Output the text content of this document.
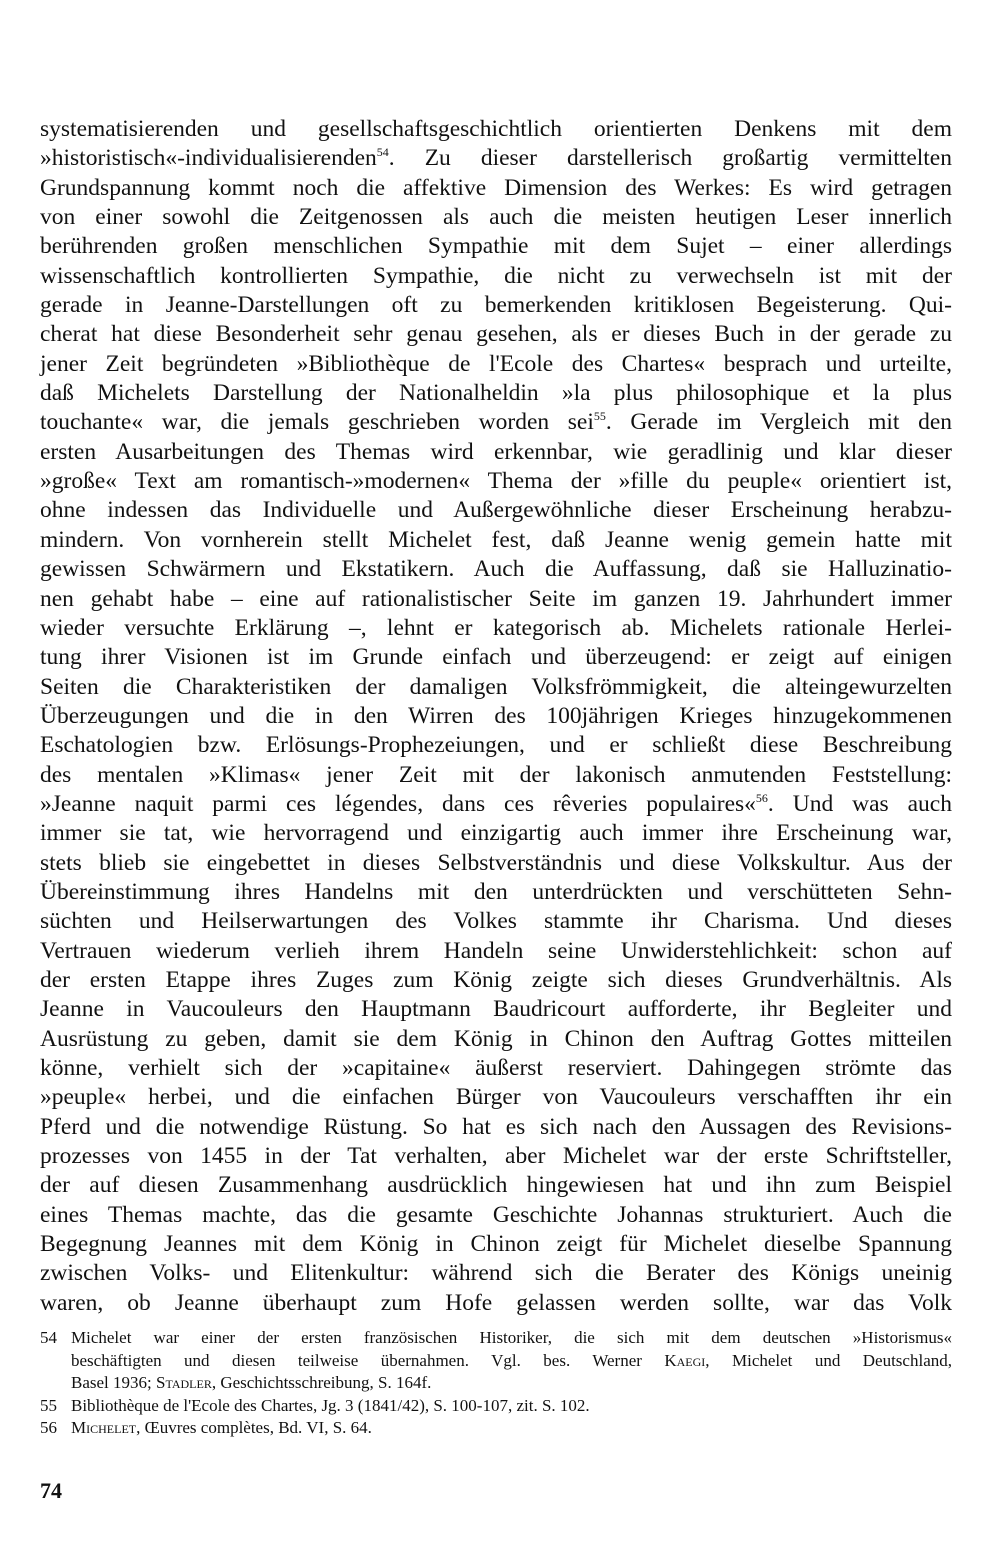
systematisierenden und gesellschaftsgeschichtlich orientierten Denkens mit dem
»historistisch«-individualisierenden$^{54}$. Zu dieser darstellerisch großartig vermittelten
Grundspannung kommt noch die affektive Dimension des Werkes: Es wird getragen
von einer sowohl die Zeitgenossen als auch die meisten heutigen Leser innerlich
berührenden großen menschlichen Sympathie mit dem Sujet – einer allerdings
wissenschaftlich kontrollierten Sympathie, die nicht zu verwechseln ist mit der
gerade in Jeanne-Darstellungen oft zu bemerkenden kritiklosen Begeisterung. Qui-
cherat hat diese Besonderheit sehr genau gesehen, als er dieses Buch in der gerade zu
jener Zeit begründeten »Bibliothèque de l'Ecole des Chartes« besprach und urteilte,
daß Michelets Darstellung der Nationalheldin »la plus philosophique et la plus
touchante« war, die jemals geschrieben worden sei$^{55}$. Gerade im Vergleich mit den
ersten Ausarbeitungen des Themas wird erkennbar, wie geradlinig und klar dieser
»große« Text am romantisch-»modernen« Thema der »fille du peuple« orientiert ist,
ohne indessen das Individuelle und Außergewöhnliche dieser Erscheinung herabzu-
mindern. Von vornherein stellt Michelet fest, daß Jeanne wenig gemein hatte mit
gewissen Schwärmern und Ekstatikern. Auch die Auffassung, daß sie Halluzinatio-
nen gehabt habe – eine auf rationalistischer Seite im ganzen 19. Jahrhundert immer
wieder versuchte Erklärung –, lehnt er kategorisch ab. Michelets rationale Herlei-
tung ihrer Visionen ist im Grunde einfach und überzeugend: er zeigt auf einigen
Seiten die Charakteristiken der damaligen Volksfrömmigkeit, die alteingewurzelten
Überzeugungen und die in den Wirren des 100jährigen Krieges hinzugekommenen
Eschatologien bzw. Erlösungs-Prophezeiungen, und er schließt diese Beschreibung
des mentalen »Klimas« jener Zeit mit der lakonisch anmutenden Feststellung:
»Jeanne naquit parmi ces légendes, dans ces rêveries populaires«$^{56}$. Und was auch
immer sie tat, wie hervorragend und einzigartig auch immer ihre Erscheinung war,
stets blieb sie eingebettet in dieses Selbstverständnis und diese Volkskultur. Aus der
Übereinstimmung ihres Handelns mit den unterdrückten und verschütteten Sehn-
süchten und Heilserwartungen des Volkes stammte ihr Charisma. Und dieses
Vertrauen wiederum verlieh ihrem Handeln seine Unwiderstehlichkeit: schon auf
der ersten Etappe ihres Zuges zum König zeigte sich dieses Grundverhältnis. Als
Jeanne in Vaucouleurs den Hauptmann Baudricourt aufforderte, ihr Begleiter und
Ausrüstung zu geben, damit sie dem König in Chinon den Auftrag Gottes mitteilen
könne, verhielt sich der »capitaine« äußerst reserviert. Dahingegen strömte das
»peuple« herbei, und die einfachen Bürger von Vaucouleurs verschafften ihr ein
Pferd und die notwendige Rüstung. So hat es sich nach den Aussagen des Revisions-
prozesses von 1455 in der Tat verhalten, aber Michelet war der erste Schriftsteller,
der auf diesen Zusammenhang ausdrücklich hingewiesen hat und ihn zum Beispiel
eines Themas machte, das die gesamte Geschichte Johannas strukturiert. Auch die
Begegnung Jeannes mit dem König in Chinon zeigt für Michelet dieselbe Spannung
zwischen Volks- und Elitenkultur: während sich die Berater des Königs uneinig
waren, ob Jeanne überhaupt zum Hofe gelassen werden sollte, war das Volk
54 Michelet war einer der ersten französischen Historiker, die sich mit dem deutschen »Historismus«
beschäftigten und diesen teilweise übernahmen. Vgl. bes. Werner Kaegi, Michelet und Deutschland,
Basel 1936; Stadler, Geschichtsschreibung, S. 164f.
55 Bibliothèque de l'Ecole des Chartes, Jg. 3 (1841/42), S. 100-107, zit. S. 102.
56 Michelet, Œuvres complètes, Bd. VI, S. 64.
74
